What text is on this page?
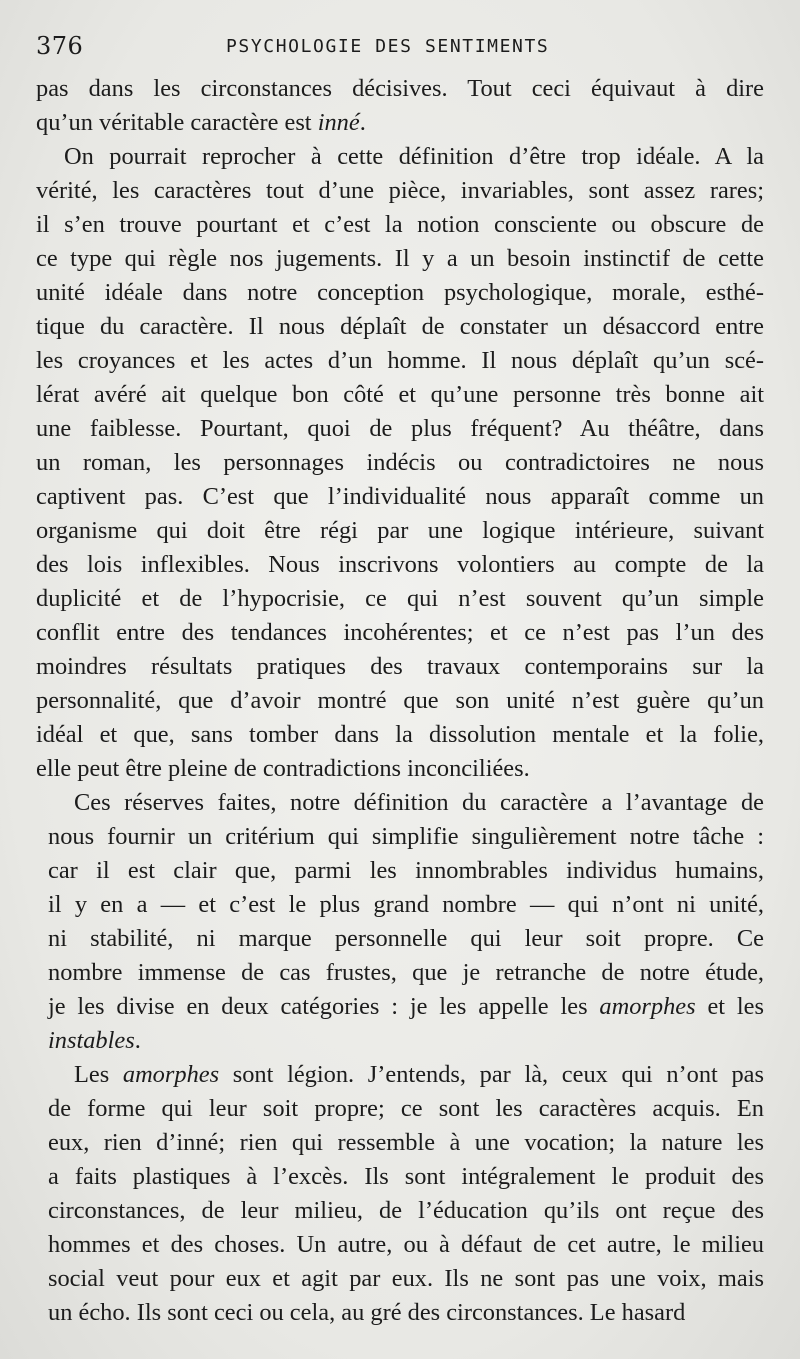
376	PSYCHOLOGIE DES SENTIMENTS
pas dans les circonstances décisives. Tout ceci équivaut à dire
qu’un véritable caractère est inné.
On pourrait reprocher à cette définition d’être trop idéale. A la
vérité, les caractères tout d’une pièce, invariables, sont assez rares;
il s’en trouve pourtant et c’est la notion consciente ou obscure de
ce type qui règle nos jugements. Il y a un besoin instinctif de cette
unité idéale dans notre conception psychologique, morale, esthé-
tique du caractère. Il nous déplaît de constater un désaccord entre
les croyances et les actes d’un homme. Il nous déplaît qu’un scé-
lérat avéré ait quelque bon côté et qu’une personne très bonne ait
une faiblesse. Pourtant, quoi de plus fréquent? Au théâtre, dans
un roman, les personnages indécis ou contradictoires ne nous
captivent pas. C’est que l’individualité nous apparaît comme un
organisme qui doit être régi par une logique intérieure, suivant
des lois inflexibles. Nous inscrivons volontiers au compte de la
duplicité et de l’hypocrisie, ce qui n’est souvent qu’un simple
conflit entre des tendances incohérentes; et ce n’est pas l’un des
moindres résultats pratiques des travaux contemporains sur la
personnalité, que d’avoir montré que son unité n’est guère qu’un
idéal et que, sans tomber dans la dissolution mentale et la folie,
elle peut être pleine de contradictions inconciliées.
Ces réserves faites, notre définition du caractère a l’avantage de
nous fournir un critérium qui simplifie singulièrement notre tâche :
car il est clair que, parmi les innombrables individus humains,
il y en a — et c’est le plus grand nombre — qui n’ont ni unité,
ni stabilité, ni marque personnelle qui leur soit propre. Ce
nombre immense de cas frustes, que je retranche de notre étude,
je les divise en deux catégories : je les appelle les amorphes et les
instables.
Les amorphes sont légion. J’entends, par là, ceux qui n’ont pas
de forme qui leur soit propre; ce sont les caractères acquis. En
eux, rien d’inné; rien qui ressemble à une vocation; la nature les
a faits plastiques à l’excès. Ils sont intégralement le produit des
circonstances, de leur milieu, de l’éducation qu’ils ont reçue des
hommes et des choses. Un autre, ou à défaut de cet autre, le milieu
social veut pour eux et agit par eux. Ils ne sont pas une voix, mais
un écho. Ils sont ceci ou cela, au gré des circonstances. Le hasard
